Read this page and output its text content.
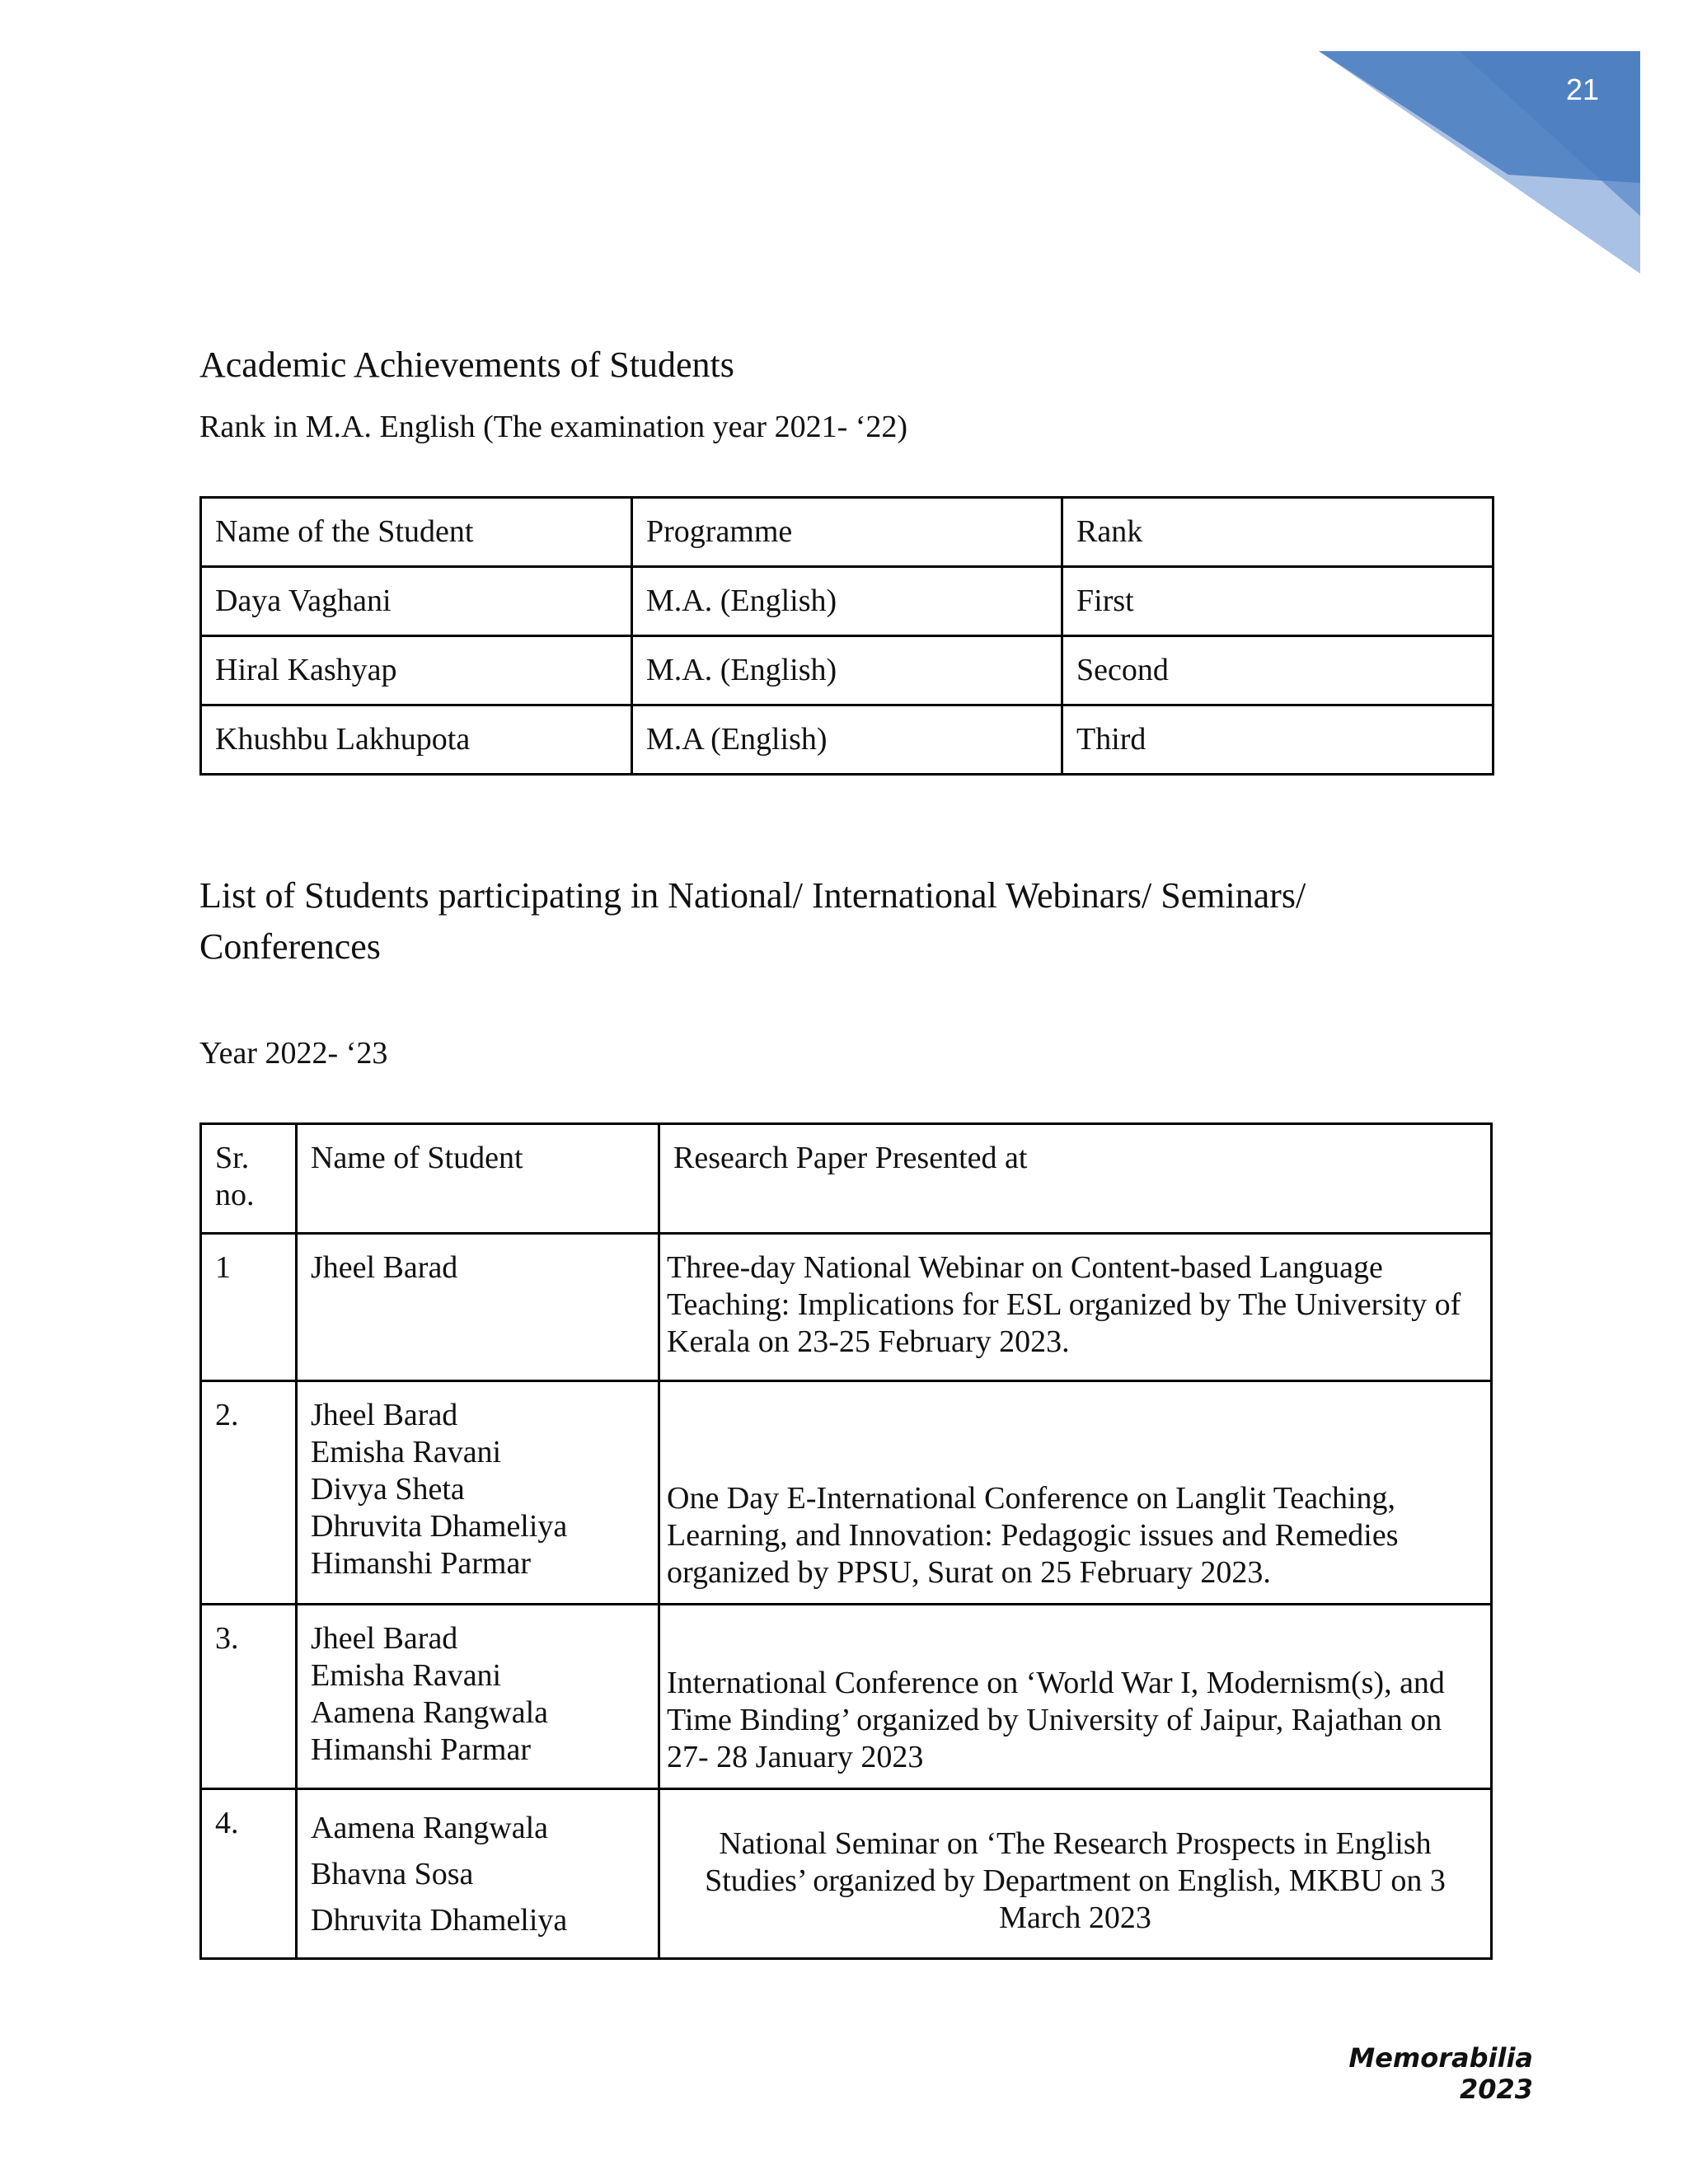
21
Academic Achievements of Students

Rank in M.A. English (The examination year 2021- ‘22)

Name of the Student	Programme	Rank
Daya Vaghani	M.A. (English)	First
Hiral Kashyap	M.A. (English)	Second
Khushbu Lakhupota	M.A (English)	Third
List of Students participating in National/ International Webinars/ Seminars/
Conferences

Year 2022- ‘23

Sr. no.	Name of Student	Research Paper Presented at
1	Jheel Barad	Three-day National Webinar on Content-based Language Teaching: Implications for ESL organized by The University of Kerala on 23-25 February 2023.
2.	Jheel Barad
Emisha Ravani
Divya Sheta
Dhruvita Dhameliya
Himanshi Parmar	One Day E-International Conference on Langlit Teaching, Learning, and Innovation: Pedagogic issues and Remedies organized by PPSU, Surat on 25 February 2023.
3.	Jheel Barad
Emisha Ravani
Aamena Rangwala
Himanshi Parmar	International Conference on ‘World War I, Modernism(s), and Time Binding’ organized by University of Jaipur, Rajathan on 27- 28 January 2023
4.	Aamena Rangwala
Bhavna Sosa
Dhruvita Dhameliya	National Seminar on ‘The Research Prospects in English Studies’ organized by Department on English, MKBU on 3 March 2023
Memorabilia 2023
